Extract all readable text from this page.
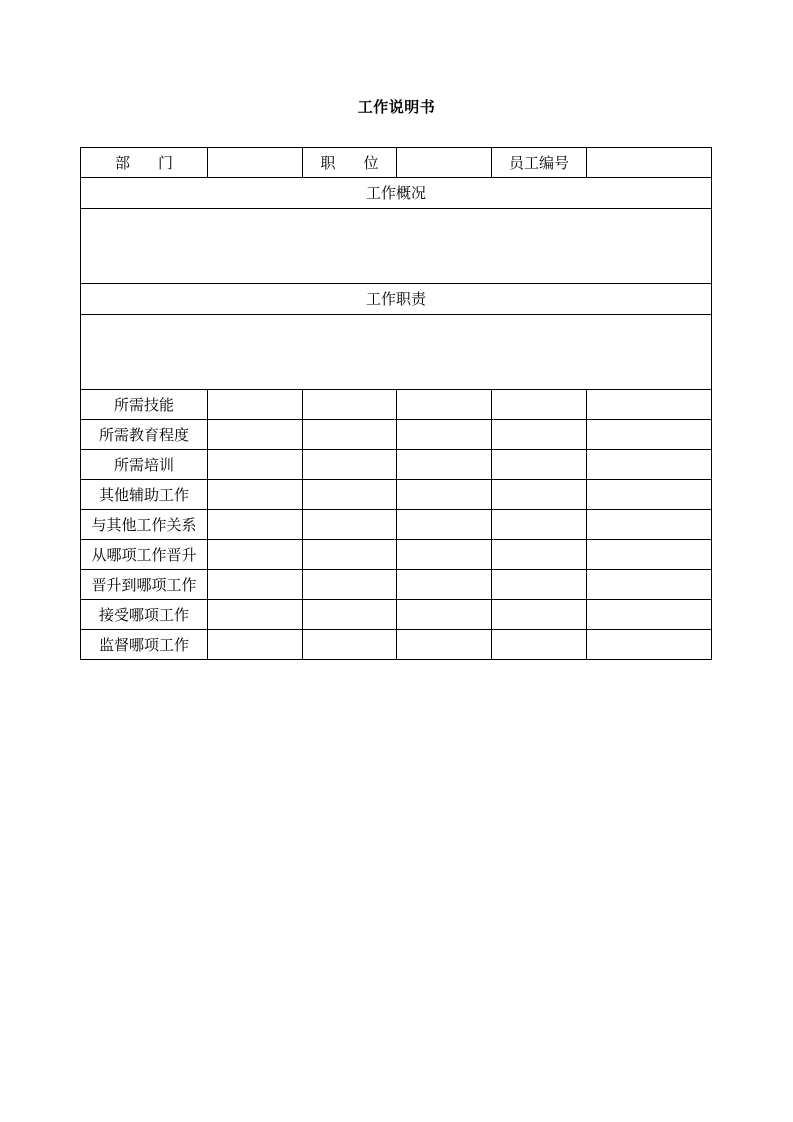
工作说明书
部 门		职 位		员工编号	
工作概况					

工作职责					

所需技能					
所需教育程度					
所需培训					
其他辅助工作					
与其他工作关系					
从哪项工作晋升					
晋升到哪项工作					
接受哪项工作					
监督哪项工作					
